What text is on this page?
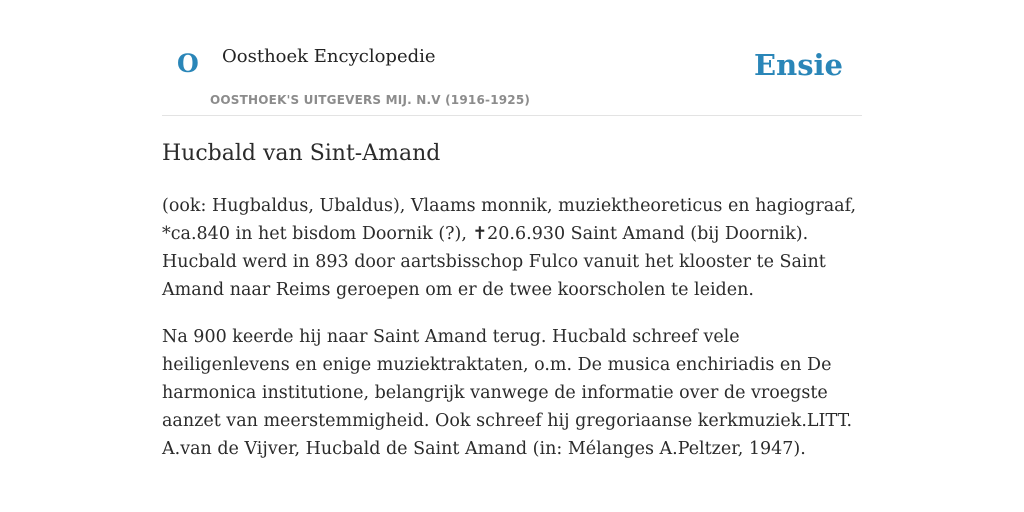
O Oosthoek Encyclopedie
OOSTHOEK'S UITGEVERS MIJ. N.V (1916-1925)
Ensie
Hucbald van Sint-Amand

(ook: Hugbaldus, Ubaldus), Vlaams monnik, muziektheoreticus en hagiograaf, *ca.840 in het bisdom Doornik (?), ✝20.6.930 Saint Amand (bij Doornik). Hucbald werd in 893 door aartsbisschop Fulco vanuit het klooster te Saint Amand naar Reims geroepen om er de twee koorscholen te leiden.

Na 900 keerde hij naar Saint Amand terug. Hucbald schreef vele heiligenlevens en enige muziektraktaten, o.m. De musica enchiriadis en De harmonica institutione, belangrijk vanwege de informatie over de vroegste aanzet van meerstemmigheid. Ook schreef hij gregoriaanse kerkmuziek.LITT. A.van de Vijver, Hucbald de Saint Amand (in: Mélanges A.Peltzer, 1947).
